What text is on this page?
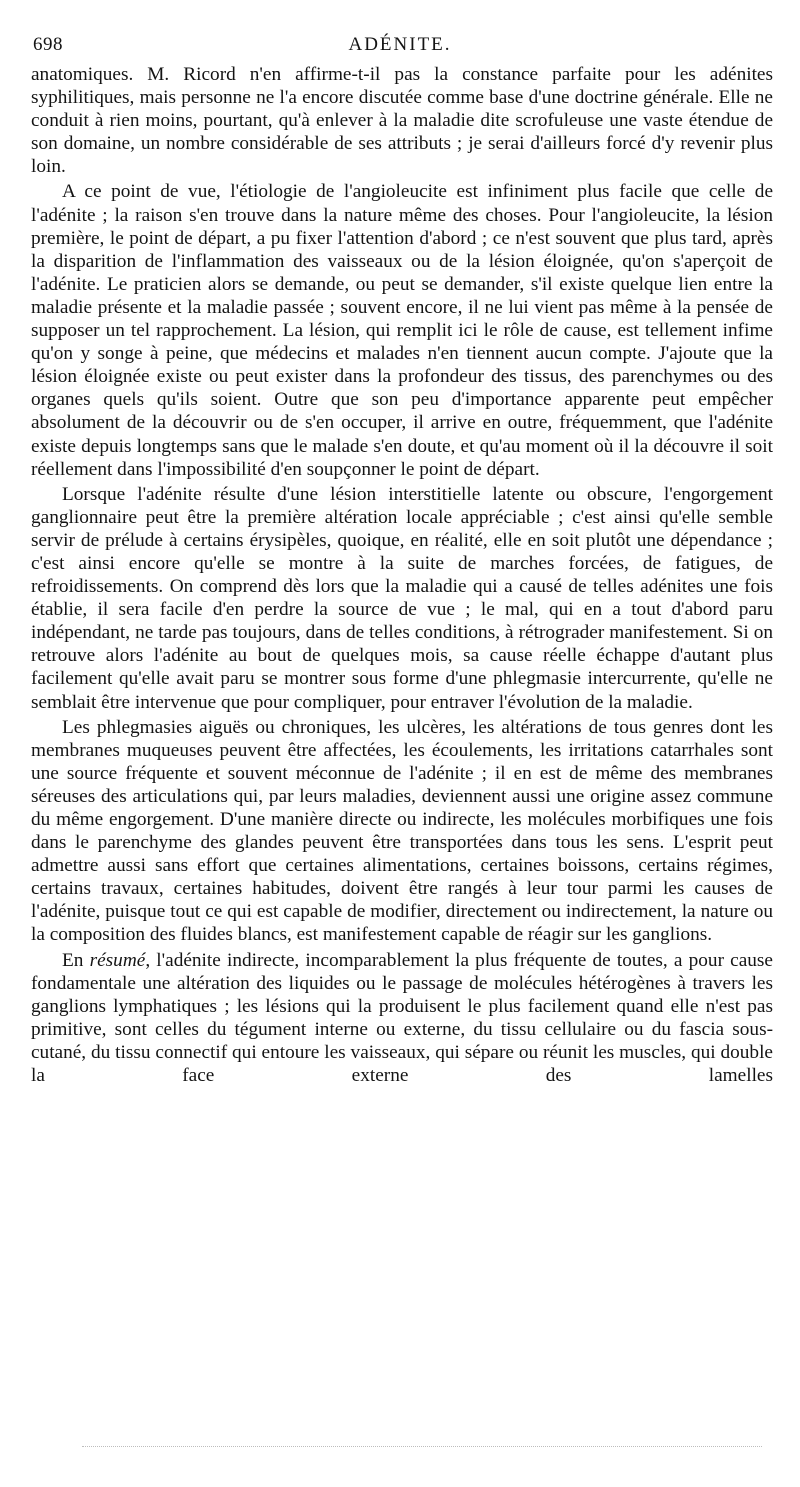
698	ADÉNITE.

anatomiques. M. Ricord n'en affirme-t-il pas la constance parfaite pour les adénites syphilitiques, mais personne ne l'a encore discutée comme base d'une doctrine générale. Elle ne conduit à rien moins, pourtant, qu'à enlever à la maladie dite scrofuleuse une vaste étendue de son domaine, un nombre considérable de ses attributs ; je serai d'ailleurs forcé d'y revenir plus loin.

A ce point de vue, l'étiologie de l'angioleucite est infiniment plus facile que celle de l'adénite ; la raison s'en trouve dans la nature même des choses. Pour l'angioleucite, la lésion première, le point de départ, a pu fixer l'attention d'abord ; ce n'est souvent que plus tard, après la disparition de l'inflammation des vaisseaux ou de la lésion éloignée, qu'on s'aperçoit de l'adénite. Le praticien alors se demande, ou peut se demander, s'il existe quelque lien entre la maladie présente et la maladie passée ; souvent encore, il ne lui vient pas même à la pensée de supposer un tel rapprochement. La lésion, qui remplit ici le rôle de cause, est tellement infime qu'on y songe à peine, que médecins et malades n'en tiennent aucun compte. J'ajoute que la lésion éloignée existe ou peut exister dans la profondeur des tissus, des parenchymes ou des organes quels qu'ils soient. Outre que son peu d'importance apparente peut empêcher absolument de la découvrir ou de s'en occuper, il arrive en outre, fréquemment, que l'adénite existe depuis longtemps sans que le malade s'en doute, et qu'au moment où il la découvre il soit réellement dans l'impossibilité d'en soupçonner le point de départ.

Lorsque l'adénite résulte d'une lésion interstitielle latente ou obscure, l'engorgement ganglionnaire peut être la première altération locale appréciable ; c'est ainsi qu'elle semble servir de prélude à certains érysipèles, quoique, en réalité, elle en soit plutôt une dépendance ; c'est ainsi encore qu'elle se montre à la suite de marches forcées, de fatigues, de refroidissements. On comprend dès lors que la maladie qui a causé de telles adénites une fois établie, il sera facile d'en perdre la source de vue ; le mal, qui en a tout d'abord paru indépendant, ne tarde pas toujours, dans de telles conditions, à rétrograder manifestement. Si on retrouve alors l'adénite au bout de quelques mois, sa cause réelle échappe d'autant plus facilement qu'elle avait paru se montrer sous forme d'une phlegmasie intercurrente, qu'elle ne semblait être intervenue que pour compliquer, pour entraver l'évolution de la maladie.

Les phlegmasies aiguës ou chroniques, les ulcères, les altérations de tous genres dont les membranes muqueuses peuvent être affectées, les écoulements, les irritations catarrhales sont une source fréquente et souvent méconnue de l'adénite ; il en est de même des membranes séreuses des articulations qui, par leurs maladies, deviennent aussi une origine assez commune du même engorgement. D'une manière directe ou indirecte, les molécules morbifiques une fois dans le parenchyme des glandes peuvent être transportées dans tous les sens. L'esprit peut admettre aussi sans effort que certaines alimentations, certaines boissons, certains régimes, certains travaux, certaines habitudes, doivent être rangés à leur tour parmi les causes de l'adénite, puisque tout ce qui est capable de modifier, directement ou indirectement, la nature ou la composition des fluides blancs, est manifestement capable de réagir sur les ganglions.

En résumé, l'adénite indirecte, incomparablement la plus fréquente de toutes, a pour cause fondamentale une altération des liquides ou le passage de molécules hétérogènes à travers les ganglions lymphatiques ; les lésions qui la produisent le plus facilement quand elle n'est pas primitive, sont celles du tégument interne ou externe, du tissu cellulaire ou du fascia sous-cutané, du tissu connectif qui entoure les vaisseaux, qui sépare ou réunit les muscles, qui double la face externe des lamelles
